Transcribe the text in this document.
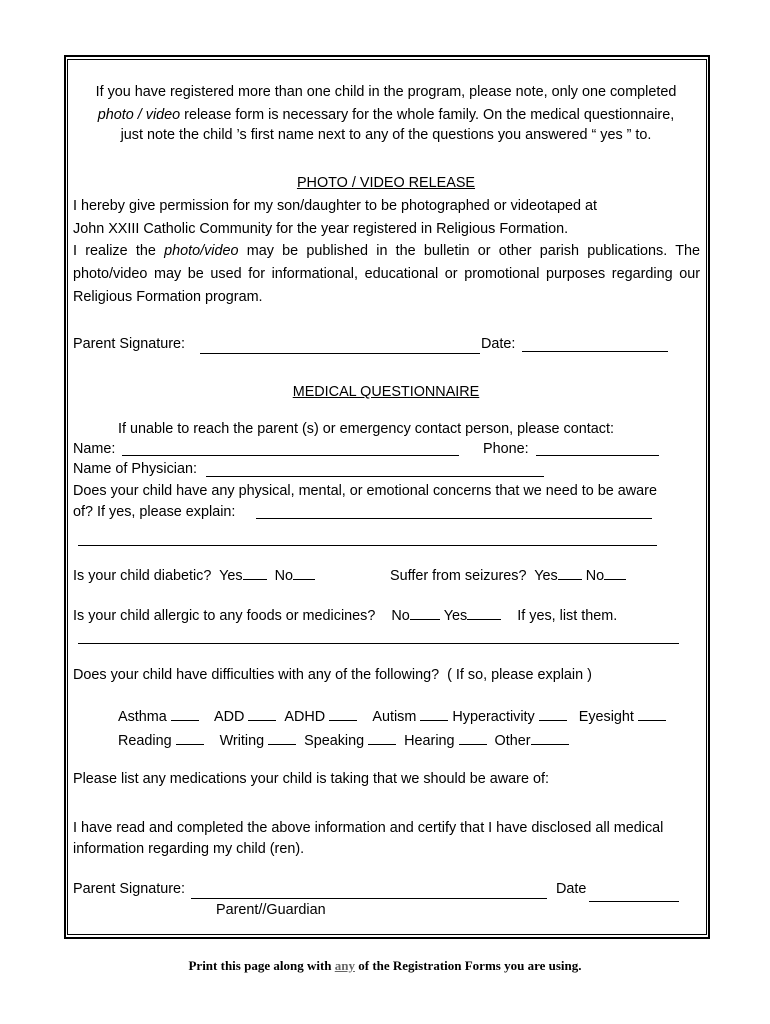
If you have registered more than one child in the program, please note, only one completed
photo / video release form is necessary for the whole family. On the medical questionnaire,
just note the child ’s first name next to any of the questions you answered “ yes ” to.
PHOTO / VIDEO RELEASE
I hereby give permission for my son/daughter to be photographed or videotaped at
John XXIII Catholic Community for the year registered in Religious Formation.
I realize the photo/video may be published in the bulletin or other parish publications. The photo/video may be used for informational, educational or promotional purposes regarding our Religious Formation program.
Parent Signature:	Date:
MEDICAL QUESTIONNAIRE
If unable to reach the parent (s) or emergency contact person, please contact:
Name:	Phone:
Name of Physician:
Does your child have any physical, mental, or emotional concerns that we need to be aware
of? If yes, please explain:
Is your child diabetic? Yes No	Suffer from seizures? Yes No
Is your child allergic to any foods or medicines? No Yes	If yes, list them.
Does your child have difficulties with any of the following? ( If so, please explain )
Asthma	ADD	ADHD	Autism	Hyperactivity	Eyesight
Reading	Writing	Speaking	Hearing	Other
Please list any medications your child is taking that we should be aware of:
I have read and completed the above information and certify that I have disclosed all medical
information regarding my child (ren).
Parent Signature:	Date
Parent//Guardian
Print this page along with any of the Registration Forms you are using.
